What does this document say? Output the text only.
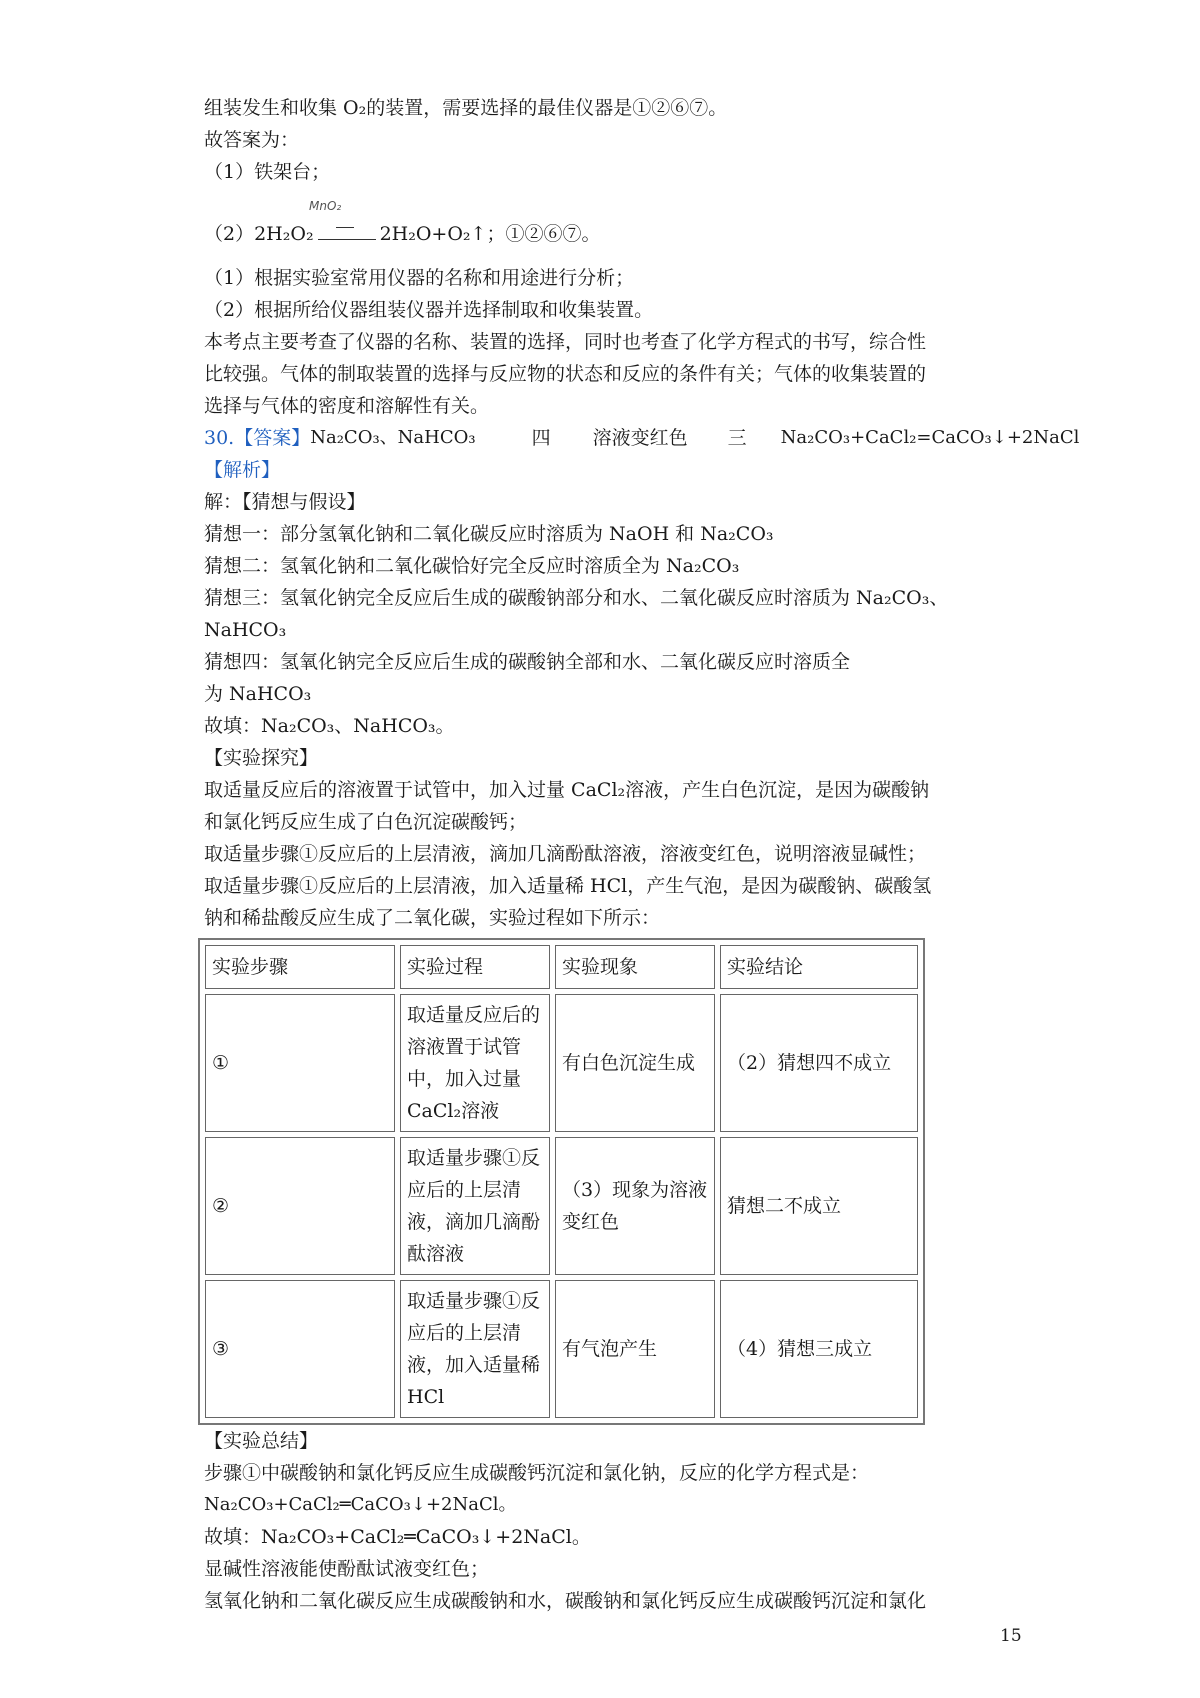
组装发生和收集 O₂的装置，需要选择的最佳仪器是①②⑥⑦。
故答案为：
（1）铁架台；
MnO₂
（2）2H₂O₂	2H₂O+O₂↑；①②⑥⑦。
（1）根据实验室常用仪器的名称和用途进行分析；
（2）根据所给仪器组装仪器并选择制取和收集装置。
本考点主要考查了仪器的名称、装置的选择，同时也考查了化学方程式的书写，综合性
比较强。气体的制取装置的选择与反应物的状态和反应的条件有关；气体的收集装置的
选择与气体的密度和溶解性有关。
30.【答案】 Na₂CO₃、NaHCO₃	四 溶液变红色 三 Na₂CO₃+CaCl₂=CaCO₃↓+2NaCl
【解析】
解：【猜想与假设】
猜想一：部分氢氧化钠和二氧化碳反应时溶质为 NaOH 和 Na₂CO₃
猜想二：氢氧化钠和二氧化碳恰好完全反应时溶质全为 Na₂CO₃
猜想三：氢氧化钠完全反应后生成的碳酸钠部分和水、二氧化碳反应时溶质为 Na₂CO₃、
NaHCO₃
猜想四：氢氧化钠完全反应后生成的碳酸钠全部和水、二氧化碳反应时溶质全
为 NaHCO₃
故填：Na₂CO₃、NaHCO₃。
【实验探究】
取适量反应后的溶液置于试管中，加入过量 CaCl₂溶液，产生白色沉淀，是因为碳酸钠
和氯化钙反应生成了白色沉淀碳酸钙；
取适量步骤①反应后的上层清液，滴加几滴酚酞溶液，溶液变红色，说明溶液显碱性；
取适量步骤①反应后的上层清液，加入适量稀 HCl，产生气泡，是因为碳酸钠、碳酸氢
钠和稀盐酸反应生成了二氧化碳，实验过程如下所示：
实验步骤	实验过程	实验现象	实验结论
①	取适量反应后的溶液置于试管中，加入过量CaCl₂溶液	有白色沉淀生成	（2）猜想四不成立
②	取适量步骤①反应后的上层清液，滴加几滴酚酞溶液	（3）现象为溶液变红色	猜想二不成立
③	取适量步骤①反应后的上层清液，加入适量稀HCl	有气泡产生	（4）猜想三成立
【实验总结】
步骤①中碳酸钠和氯化钙反应生成碳酸钙沉淀和氯化钠，反应的化学方程式是：
Na₂CO₃+CaCl₂═CaCO₃↓+2NaCl。
故填：Na₂CO₃+CaCl₂═CaCO₃↓+2NaCl。
显碱性溶液能使酚酞试液变红色；
氢氧化钠和二氧化碳反应生成碳酸钠和水，碳酸钠和氯化钙反应生成碳酸钙沉淀和氯化
15
